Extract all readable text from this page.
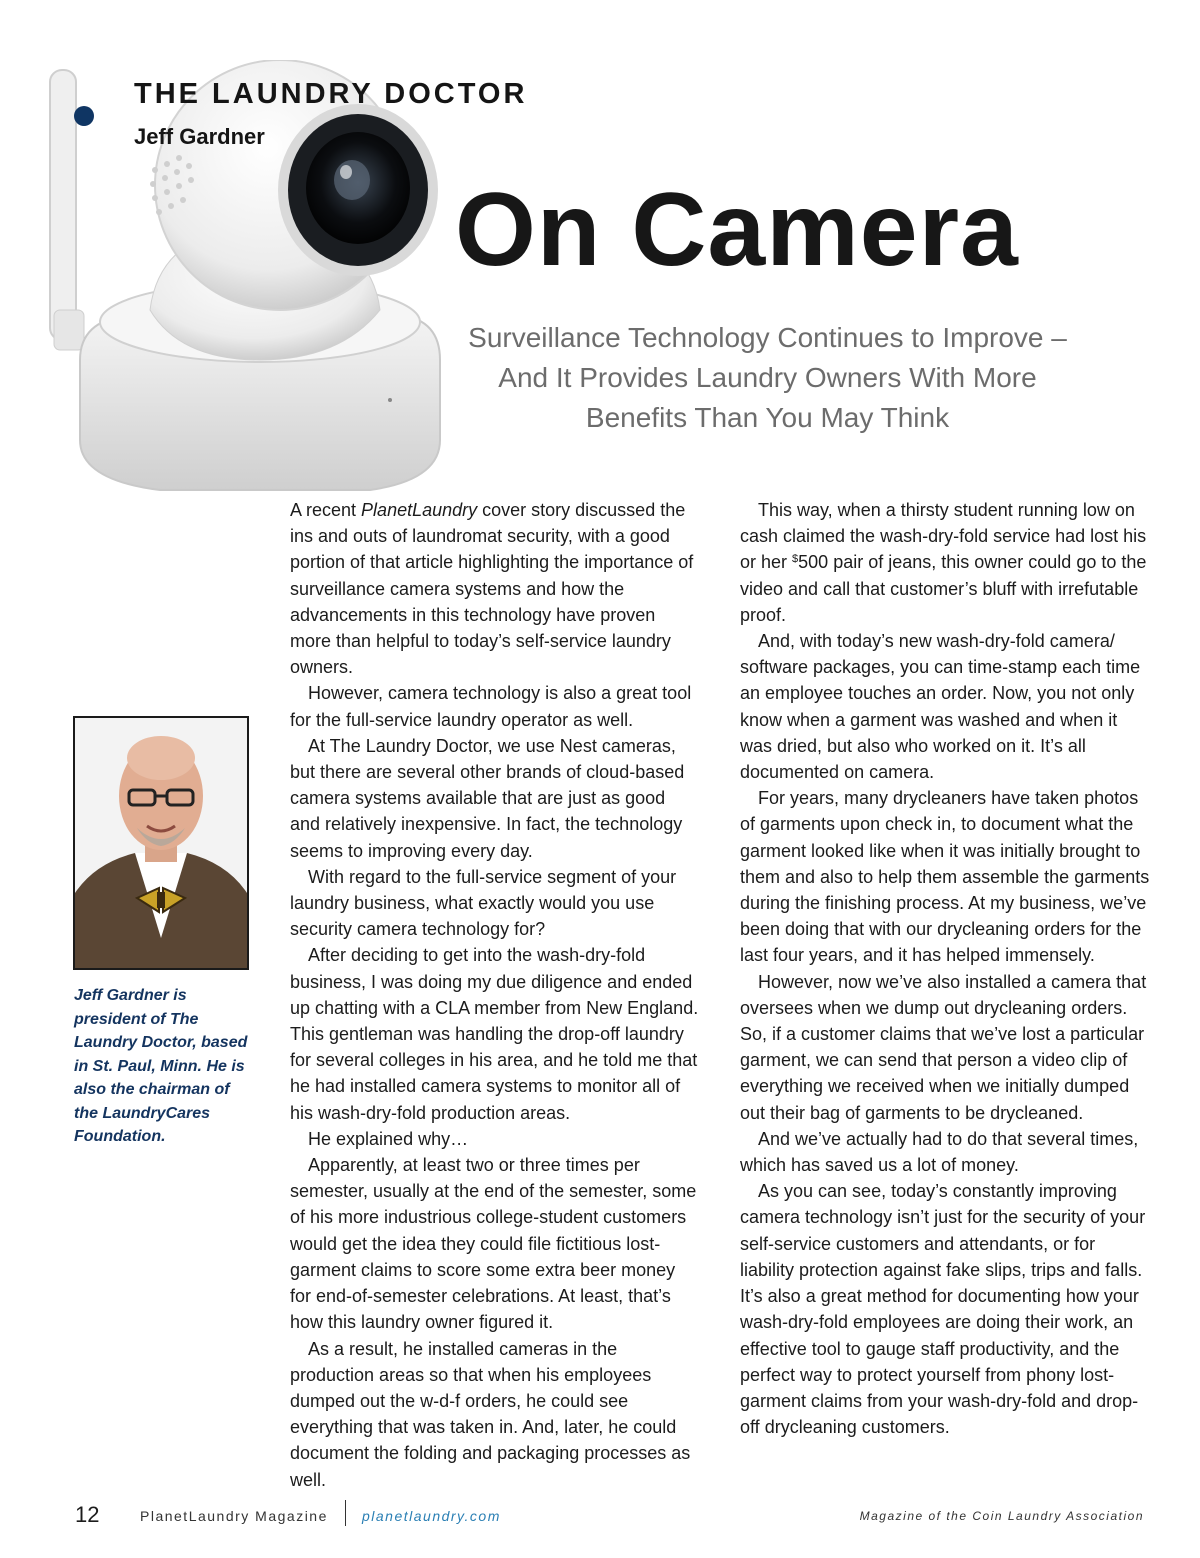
THE LAUNDRY DOCTOR
Jeff Gardner
On Camera
Surveillance Technology Continues to Improve – And It Provides Laundry Owners With More Benefits Than You May Think
Jeff Gardner is president of The Laundry Doctor, based in St. Paul, Minn. He is also the chairman of the LaundryCares Foundation.

A recent PlanetLaundry cover story discussed the ins and outs of laundromat security, with a good portion of that article highlighting the importance of surveillance camera systems and how the advancements in this technology have proven more than helpful to today’s self-service laundry owners.

However, camera technology is also a great tool for the full-service laundry operator as well.

At The Laundry Doctor, we use Nest cameras, but there are several other brands of cloud-based camera systems available that are just as good and relatively inexpensive. In fact, the technology seems to improving every day.

With regard to the full-service segment of your laundry business, what exactly would you use security camera technology for?

After deciding to get into the wash-dry-fold business, I was doing my due diligence and ended up chatting with a CLA member from New England. This gentleman was handling the drop-off laundry for several colleges in his area, and he told me that he had installed camera systems to monitor all of his wash-dry-fold production areas.

He explained why…

Apparently, at least two or three times per semester, usually at the end of the semester, some of his more industrious college-student customers would get the idea they could file fictitious lost-garment claims to score some extra beer money for end-of-semester celebrations. At least, that’s how this laundry owner figured it.

As a result, he installed cameras in the production areas so that when his employees dumped out the w-d-f orders, he could see everything that was taken in. And, later, he could document the folding and packaging processes as well.

This way, when a thirsty student running low on cash claimed the wash-dry-fold service had lost his or her $500 pair of jeans, this owner could go to the video and call that customer’s bluff with irrefutable proof.

And, with today’s new wash-dry-fold camera/ software packages, you can time-stamp each time an employee touches an order. Now, you not only know when a garment was washed and when it was dried, but also who worked on it. It’s all documented on camera.

For years, many drycleaners have taken photos of garments upon check in, to document what the garment looked like when it was initially brought to them and also to help them assemble the garments during the finishing process. At my business, we’ve been doing that with our drycleaning orders for the last four years, and it has helped immensely.

However, now we’ve also installed a camera that oversees when we dump out drycleaning orders. So, if a customer claims that we’ve lost a particular garment, we can send that person a video clip of everything we received when we initially dumped out their bag of garments to be drycleaned.

And we’ve actually had to do that several times, which has saved us a lot of money.

As you can see, today’s constantly improving camera technology isn’t just for the security of your self-service customers and attendants, or for liability protection against fake slips, trips and falls. It’s also a great method for documenting how your wash-dry-fold employees are doing their work, an effective tool to gauge staff productivity, and the perfect way to protect yourself from phony lost-garment claims from your wash-dry-fold and drop-off drycleaning customers.

12	PlanetLaundry Magazine planetlaundry.com	Magazine of the Coin Laundry Association
